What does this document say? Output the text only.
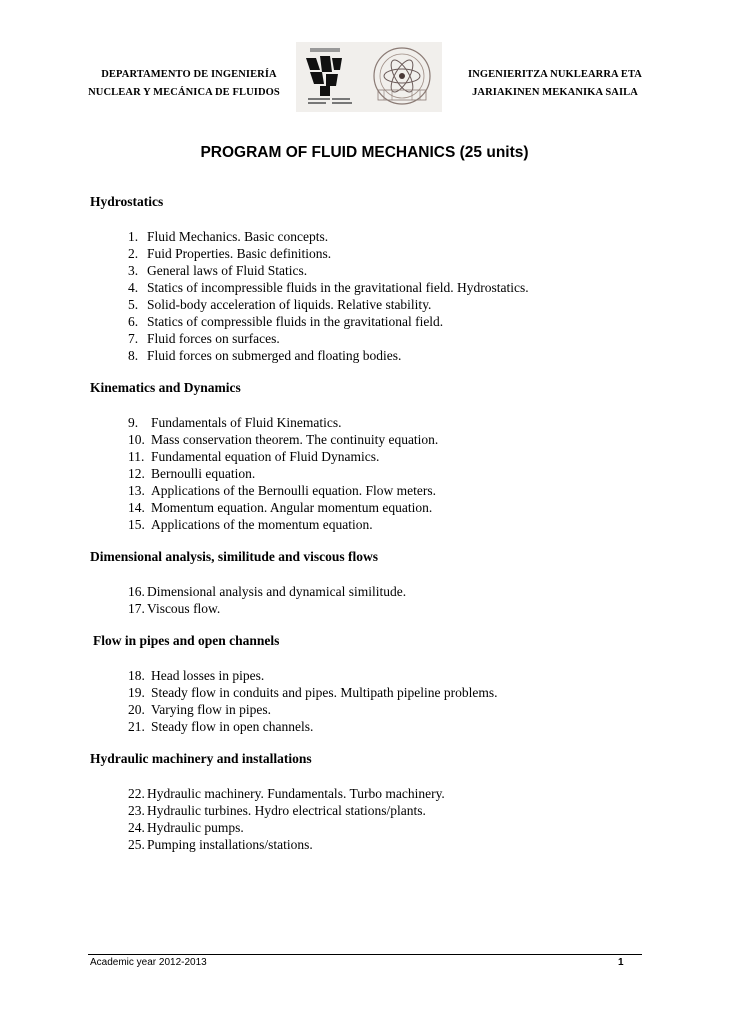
DEPARTAMENTO DE INGENIERÍA
NUCLEAR Y MECÁNICA DE FLUIDOS
INGENIERITZA NUKLEARRA ETA
JARIAKINEN MEKANIKA SAILA
PROGRAM OF FLUID MECHANICS (25 units)
Hydrostatics
1. Fluid Mechanics. Basic concepts.
2. Fuid Properties. Basic definitions.
3. General laws of Fluid Statics.
4. Statics of incompressible fluids in the gravitational field. Hydrostatics.
5. Solid-body acceleration of liquids. Relative stability.
6. Statics of compressible fluids in the gravitational field.
7. Fluid forces on surfaces.
8. Fluid forces on submerged and floating bodies.
Kinematics and Dynamics
9. Fundamentals of Fluid Kinematics.
10. Mass conservation theorem. The continuity equation.
11. Fundamental equation of Fluid Dynamics.
12. Bernoulli equation.
13. Applications of the Bernoulli equation. Flow meters.
14. Momentum equation. Angular momentum equation.
15. Applications of the momentum equation.
Dimensional analysis, similitude and viscous flows
16. Dimensional analysis and dynamical similitude.
17. Viscous flow.
Flow in pipes and open channels
18. Head losses in pipes.
19. Steady flow in conduits and pipes. Multipath pipeline problems.
20. Varying flow in pipes.
21. Steady flow in open channels.
Hydraulic machinery and installations
22. Hydraulic machinery. Fundamentals. Turbo machinery.
23. Hydraulic turbines. Hydro electrical stations/plants.
24. Hydraulic pumps.
25. Pumping installations/stations.
Academic year 2012-2013	1
